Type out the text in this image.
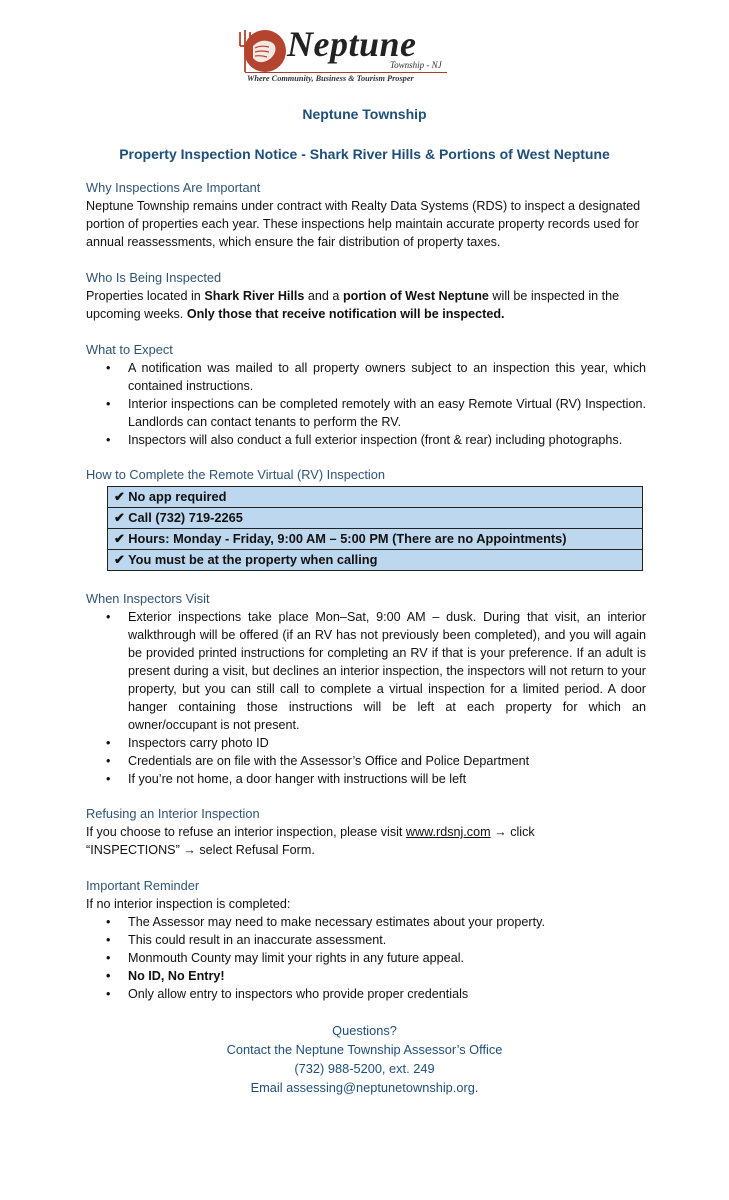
Neptune
Township - NJ
Where Community, Business & Tourism Prosper
Neptune Township
Property Inspection Notice - Shark River Hills & Portions of West Neptune
Why Inspections Are Important
Neptune Township remains under contract with Realty Data Systems (RDS) to inspect a designated portion of properties each year. These inspections help maintain accurate property records used for annual reassessments, which ensure the fair distribution of property taxes.
Who Is Being Inspected
Properties located in Shark River Hills and a portion of West Neptune will be inspected in the upcoming weeks. Only those that receive notification will be inspected.
What to Expect
• A notification was mailed to all property owners subject to an inspection this year, which contained instructions.
• Interior inspections can be completed remotely with an easy Remote Virtual (RV) Inspection. Landlords can contact tenants to perform the RV.
• Inspectors will also conduct a full exterior inspection (front & rear) including photographs.
How to Complete the Remote Virtual (RV) Inspection
✔ No app required
✔ Call (732) 719-2265
✔ Hours: Monday - Friday, 9:00 AM – 5:00 PM (There are no Appointments)
✔ You must be at the property when calling
When Inspectors Visit
• Exterior inspections take place Mon–Sat, 9:00 AM – dusk. During that visit, an interior walkthrough will be offered (if an RV has not previously been completed), and you will again be provided printed instructions for completing an RV if that is your preference. If an adult is present during a visit, but declines an interior inspection, the inspectors will not return to your property, but you can still call to complete a virtual inspection for a limited period. A door hanger containing those instructions will be left at each property for which an owner/occupant is not present.
• Inspectors carry photo ID
• Credentials are on file with the Assessor’s Office and Police Department
• If you’re not home, a door hanger with instructions will be left
Refusing an Interior Inspection
If you choose to refuse an interior inspection, please visit www.rdsnj.com → click “INSPECTIONS” → select Refusal Form.
Important Reminder
If no interior inspection is completed:
• The Assessor may need to make necessary estimates about your property.
• This could result in an inaccurate assessment.
• Monmouth County may limit your rights in any future appeal.
• No ID, No Entry!
• Only allow entry to inspectors who provide proper credentials
Questions?
Contact the Neptune Township Assessor’s Office
(732) 988-5200, ext. 249
Email assessing@neptunetownship.org.
